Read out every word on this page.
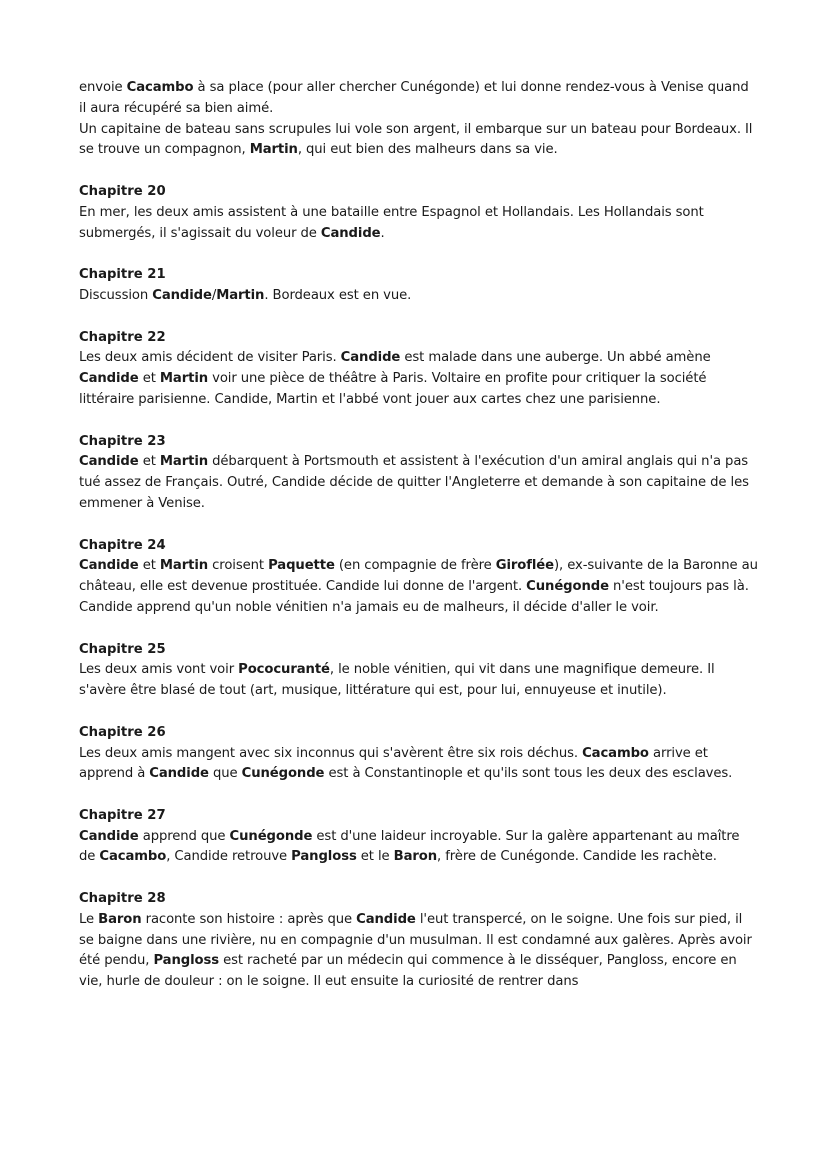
envoie Cacambo à sa place (pour aller chercher Cunégonde) et lui donne rendez-vous à Venise quand il aura récupéré sa bien aimé.

Un capitaine de bateau sans scrupules lui vole son argent, il embarque sur un bateau pour Bordeaux. Il se trouve un compagnon, Martin, qui eut bien des malheurs dans sa vie.

Chapitre 20

En mer, les deux amis assistent à une bataille entre Espagnol et Hollandais. Les Hollandais sont submergés, il s'agissait du voleur de Candide.

Chapitre 21

Discussion Candide/Martin. Bordeaux est en vue.

Chapitre 22

Les deux amis décident de visiter Paris. Candide est malade dans une auberge. Un abbé amène Candide et Martin voir une pièce de théâtre à Paris. Voltaire en profite pour critiquer la société littéraire parisienne. Candide, Martin et l'abbé vont jouer aux cartes chez une parisienne.

Chapitre 23

Candide et Martin débarquent à Portsmouth et assistent à l'exécution d'un amiral anglais qui n'a pas tué assez de Français. Outré, Candide décide de quitter l'Angleterre et demande à son capitaine de les emmener à Venise.

Chapitre 24

Candide et Martin croisent Paquette (en compagnie de frère Giroflée), ex-suivante de la Baronne au château, elle est devenue prostituée. Candide lui donne de l'argent. Cunégonde n'est toujours pas là. Candide apprend qu'un noble vénitien n'a jamais eu de malheurs, il décide d'aller le voir.

Chapitre 25

Les deux amis vont voir Pococuranté, le noble vénitien, qui vit dans une magnifique demeure. Il s'avère être blasé de tout (art, musique, littérature qui est, pour lui, ennuyeuse et inutile).

Chapitre 26

Les deux amis mangent avec six inconnus qui s'avèrent être six rois déchus. Cacambo arrive et apprend à Candide que Cunégonde est à Constantinople et qu'ils sont tous les deux des esclaves.

Chapitre 27

Candide apprend que Cunégonde est d'une laideur incroyable. Sur la galère appartenant au maître de Cacambo, Candide retrouve Pangloss et le Baron, frère de Cunégonde. Candide les rachète.

Chapitre 28

Le Baron raconte son histoire : après que Candide l'eut transpercé, on le soigne. Une fois sur pied, il se baigne dans une rivière, nu en compagnie d'un musulman. Il est condamné aux galères. Après avoir été pendu, Pangloss est racheté par un médecin qui commence à le disséquer, Pangloss, encore en vie, hurle de douleur : on le soigne. Il eut ensuite la curiosité de rentrer dans
